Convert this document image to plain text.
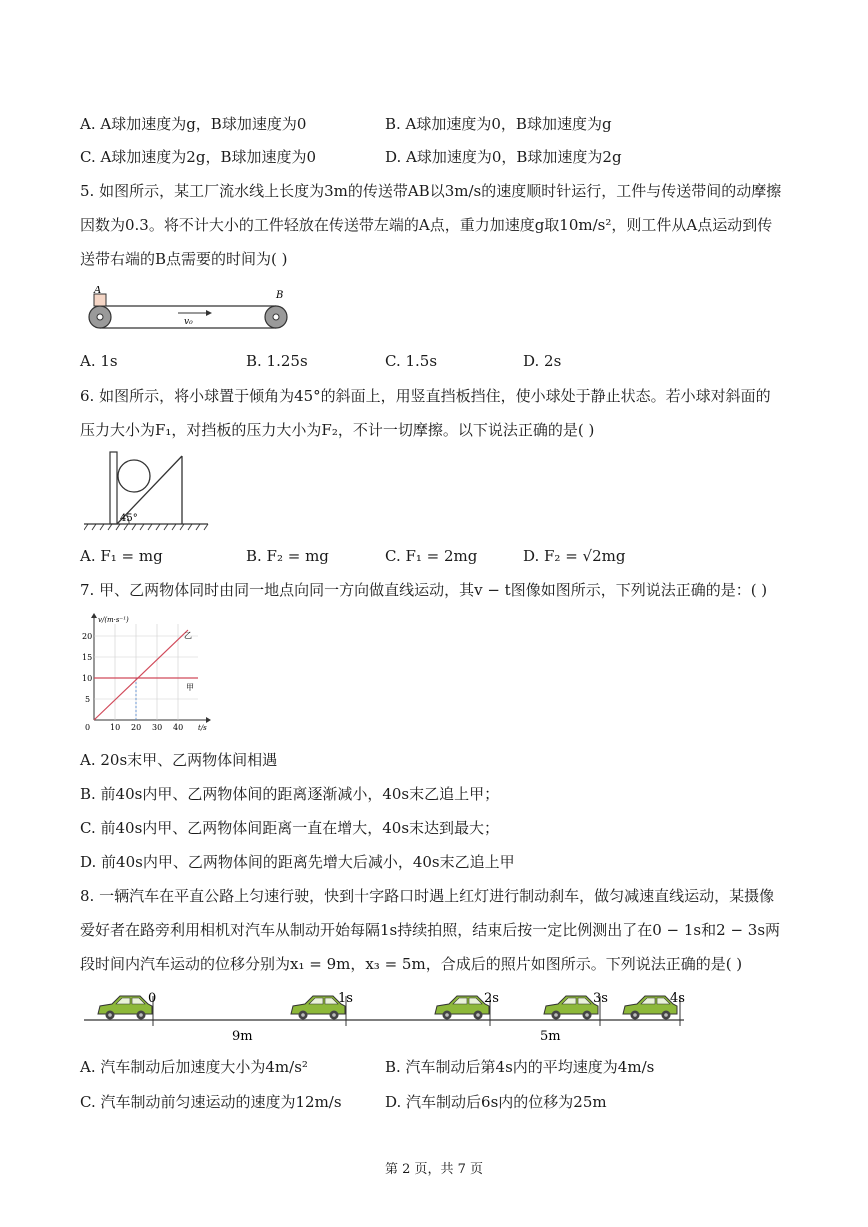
A. A球加速度为g，B球加速度为0	B. A球加速度为0，B球加速度为g
C. A球加速度为2g，B球加速度为0	D. A球加速度为0，B球加速度为2g
5. 如图所示，某工厂流水线上长度为3m的传送带AB以3m/s的速度顺时针运行，工件与传送带间的动摩擦
因数为0.3。将不计大小的工件轻放在传送带左端的A点，重力加速度g取10m/s²，则工件从A点运动到传
送带右端的B点需要的时间为( )
A	B
v₀
A. 1s	B. 1.25s	C. 1.5s	D. 2s
6. 如图所示，将小球置于倾角为45°的斜面上，用竖直挡板挡住，使小球处于静止状态。若小球对斜面的
压力大小为F₁，对挡板的压力大小为F₂，不计一切摩擦。以下说法正确的是( )
45°
A. F₁ = mg	B. F₂ = mg	C. F₁ = 2mg	D. F₂ = √2mg
7. 甲、乙两物体同时由同一地点向同一方向做直线运动，其v − t图像如图所示，下列说法正确的是：( )
20
15
10
5
0 10 20 30 40 t/s
v/(m·s⁻¹)
乙
甲
A. 20s末甲、乙两物体间相遇
B. 前40s内甲、乙两物体间的距离逐渐减小，40s末乙追上甲；
C. 前40s内甲、乙两物体间距离一直在增大，40s末达到最大；
D. 前40s内甲、乙两物体间的距离先增大后减小，40s末乙追上甲
8. 一辆汽车在平直公路上匀速行驶，快到十字路口时遇上红灯进行制动刹车，做匀减速直线运动，某摄像
爱好者在路旁利用相机对汽车从制动开始每隔1s持续拍照，结束后按一定比例测出了在0 − 1s和2 − 3s两
段时间内汽车运动的位移分别为x₁ = 9m，x₃ = 5m，合成后的照片如图所示。下列说法正确的是( )
0	1s	2s	3s	4s
9m	5m
A. 汽车制动后加速度大小为4m/s²	B. 汽车制动后第4s内的平均速度为4m/s
C. 汽车制动前匀速运动的速度为12m/s	D. 汽车制动后6s内的位移为25m
第 2 页，共 7 页
